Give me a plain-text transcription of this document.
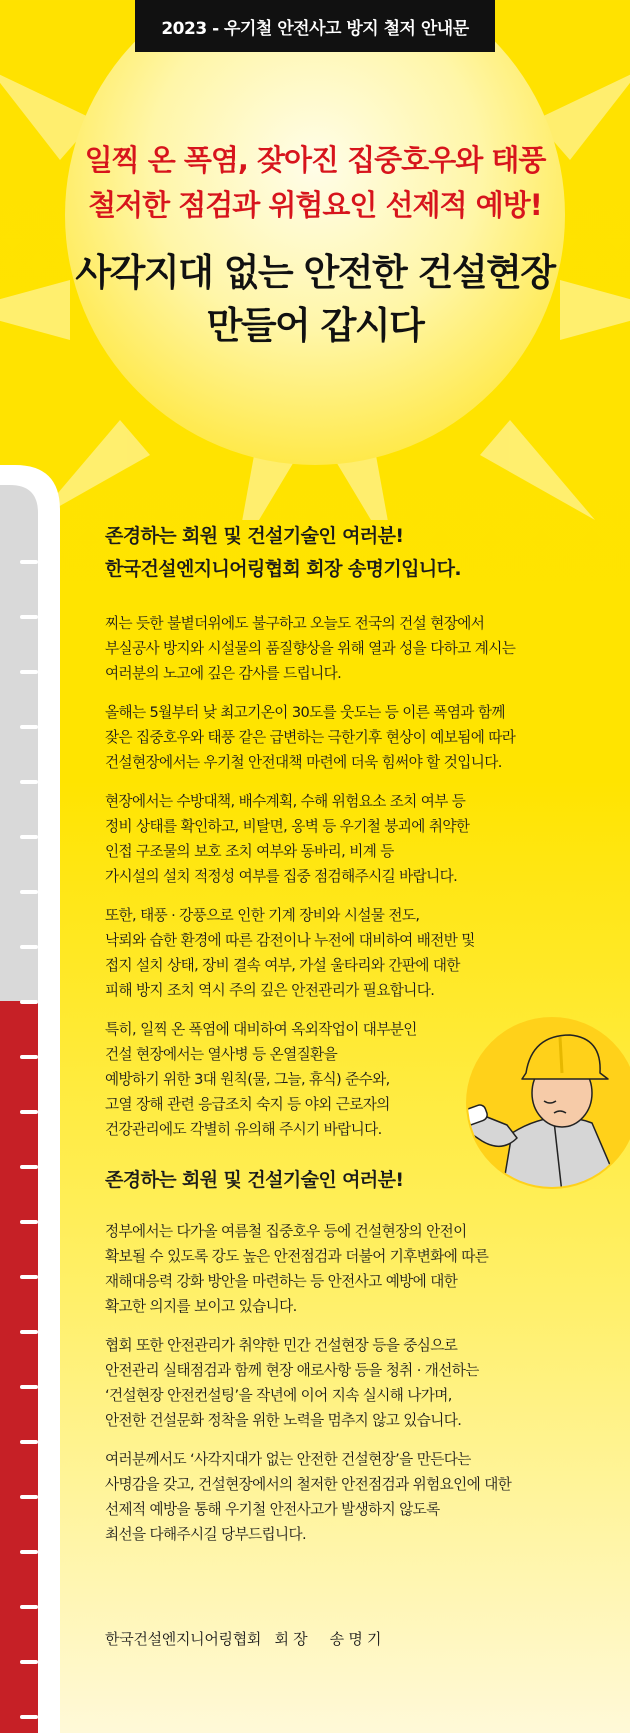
2023 - 우기철 안전사고 방지 철저 안내문
일찍 온 폭염, 잦아진 집중호우와 태풍
철저한 점검과 위험요인 선제적 예방!
사각지대 없는 안전한 건설현장
만들어 갑시다
존경하는 회원 및 건설기술인 여러분!
한국건설엔지니어링협회 회장 송명기입니다.
찌는 듯한 불볕더위에도 불구하고 오늘도 전국의 건설 현장에서
부실공사 방지와 시설물의 품질향상을 위해 열과 성을 다하고 계시는
여러분의 노고에 깊은 감사를 드립니다.
올해는 5월부터 낮 최고기온이 30도를 웃도는 등 이른 폭염과 함께
잦은 집중호우와 태풍 같은 급변하는 극한기후 현상이 예보됨에 따라
건설현장에서는 우기철 안전대책 마련에 더욱 힘써야 할 것입니다.
현장에서는 수방대책, 배수계획, 수해 위험요소 조치 여부 등
정비 상태를 확인하고, 비탈면, 옹벽 등 우기철 붕괴에 취약한
인접 구조물의 보호 조치 여부와 동바리, 비계 등
가시설의 설치 적정성 여부를 집중 점검해주시길 바랍니다.
또한, 태풍 · 강풍으로 인한 기계 장비와 시설물 전도,
낙뢰와 습한 환경에 따른 감전이나 누전에 대비하여 배전반 및
접지 설치 상태, 장비 결속 여부, 가설 울타리와 간판에 대한
피해 방지 조치 역시 주의 깊은 안전관리가 필요합니다.
특히, 일찍 온 폭염에 대비하여 옥외작업이 대부분인
건설 현장에서는 열사병 등 온열질환을
예방하기 위한 3대 원칙(물, 그늘, 휴식) 준수와,
고열 장해 관련 응급조치 숙지 등 야외 근로자의
건강관리에도 각별히 유의해 주시기 바랍니다.
존경하는 회원 및 건설기술인 여러분!
정부에서는 다가올 여름철 집중호우 등에 건설현장의 안전이
확보될 수 있도록 강도 높은 안전점검과 더불어 기후변화에 따른
재해대응력 강화 방안을 마련하는 등 안전사고 예방에 대한
확고한 의지를 보이고 있습니다.
협회 또한 안전관리가 취약한 민간 건설현장 등을 중심으로
안전관리 실태점검과 함께 현장 애로사항 등을 청취 · 개선하는
‘건설현장 안전컨설팅’을 작년에 이어 지속 실시해 나가며,
안전한 건설문화 정착을 위한 노력을 멈추지 않고 있습니다.
여러분께서도 ‘사각지대가 없는 안전한 건설현장’을 만든다는
사명감을 갖고, 건설현장에서의 철저한 안전점검과 위험요인에 대한
선제적 예방을 통해 우기철 안전사고가 발생하지 않도록
최선을 다해주시길 당부드립니다.
한국건설엔지니어링협회   회 장     송 명 기
